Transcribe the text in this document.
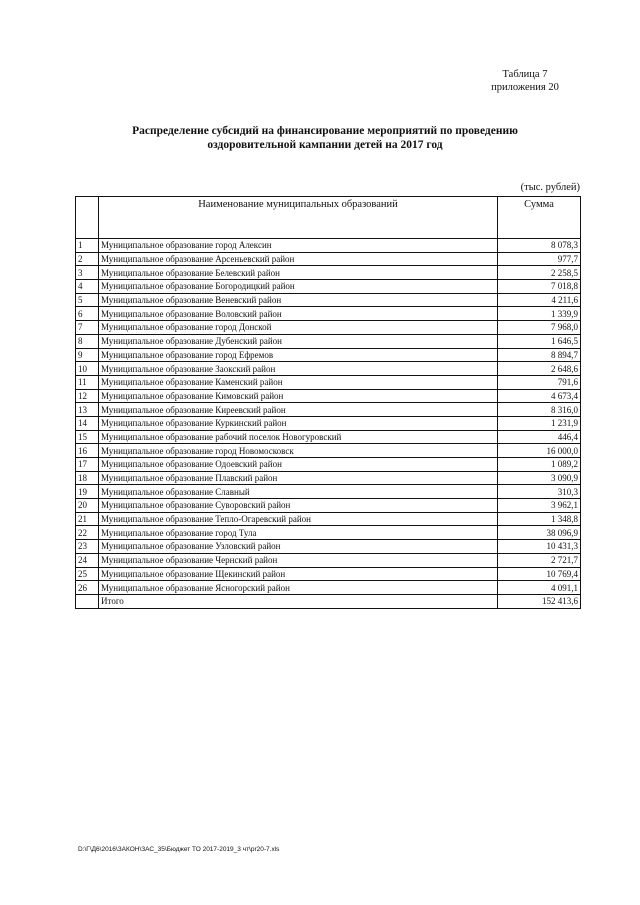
Таблица 7
приложения 20
Распределение субсидий на финансирование мероприятий по проведению
оздоровительной кампании детей на 2017 год
(тыс. рублей)
	Наименование муниципальных образований	Сумма
1	Муниципальное образование город Алексин	8 078,3
2	Муниципальное образование Арсеньевский район	977,7
3	Муниципальное образование Белевский район	2 258,5
4	Муниципальное образование Богородицкий район	7 018,8
5	Муниципальное образование Веневский район	4 211,6
6	Муниципальное образование Воловский район	1 339,9
7	Муниципальное образование город Донской	7 968,0
8	Муниципальное образование Дубенский район	1 646,5
9	Муниципальное образование город Ефремов	8 894,7
10	Муниципальное образование Заокский район	2 648,6
11	Муниципальное образование Каменский район	791,6
12	Муниципальное образование Кимовский район	4 673,4
13	Муниципальное образование Киреевский район	8 316,0
14	Муниципальное образование Куркинский район	1 231,9
15	Муниципальное образование рабочий поселок Новогуровский	446,4
16	Муниципальное образование город Новомосковск	16 000,0
17	Муниципальное образование Одоевский район	1 089,2
18	Муниципальное образование Плавский район	3 090,9
19	Муниципальное образование Славный	310,3
20	Муниципальное образование Суворовский район	3 962,1
21	Муниципальное образование Тепло-Огаревский район	1 348,8
22	Муниципальное образование город Тула	38 096,9
23	Муниципальное образование Узловский район	10 431,3
24	Муниципальное образование Чернский район	2 721,7
25	Муниципальное образование Щекинский район	10 769,4
26	Муниципальное образование Ясногорский район	4 091,1
	Итого	152 413,6
D:\Г\Д6\2016\ЗАКОН\ЗАС_35\Бюджет ТО 2017-2019_3 чт\pr20-7.xls
